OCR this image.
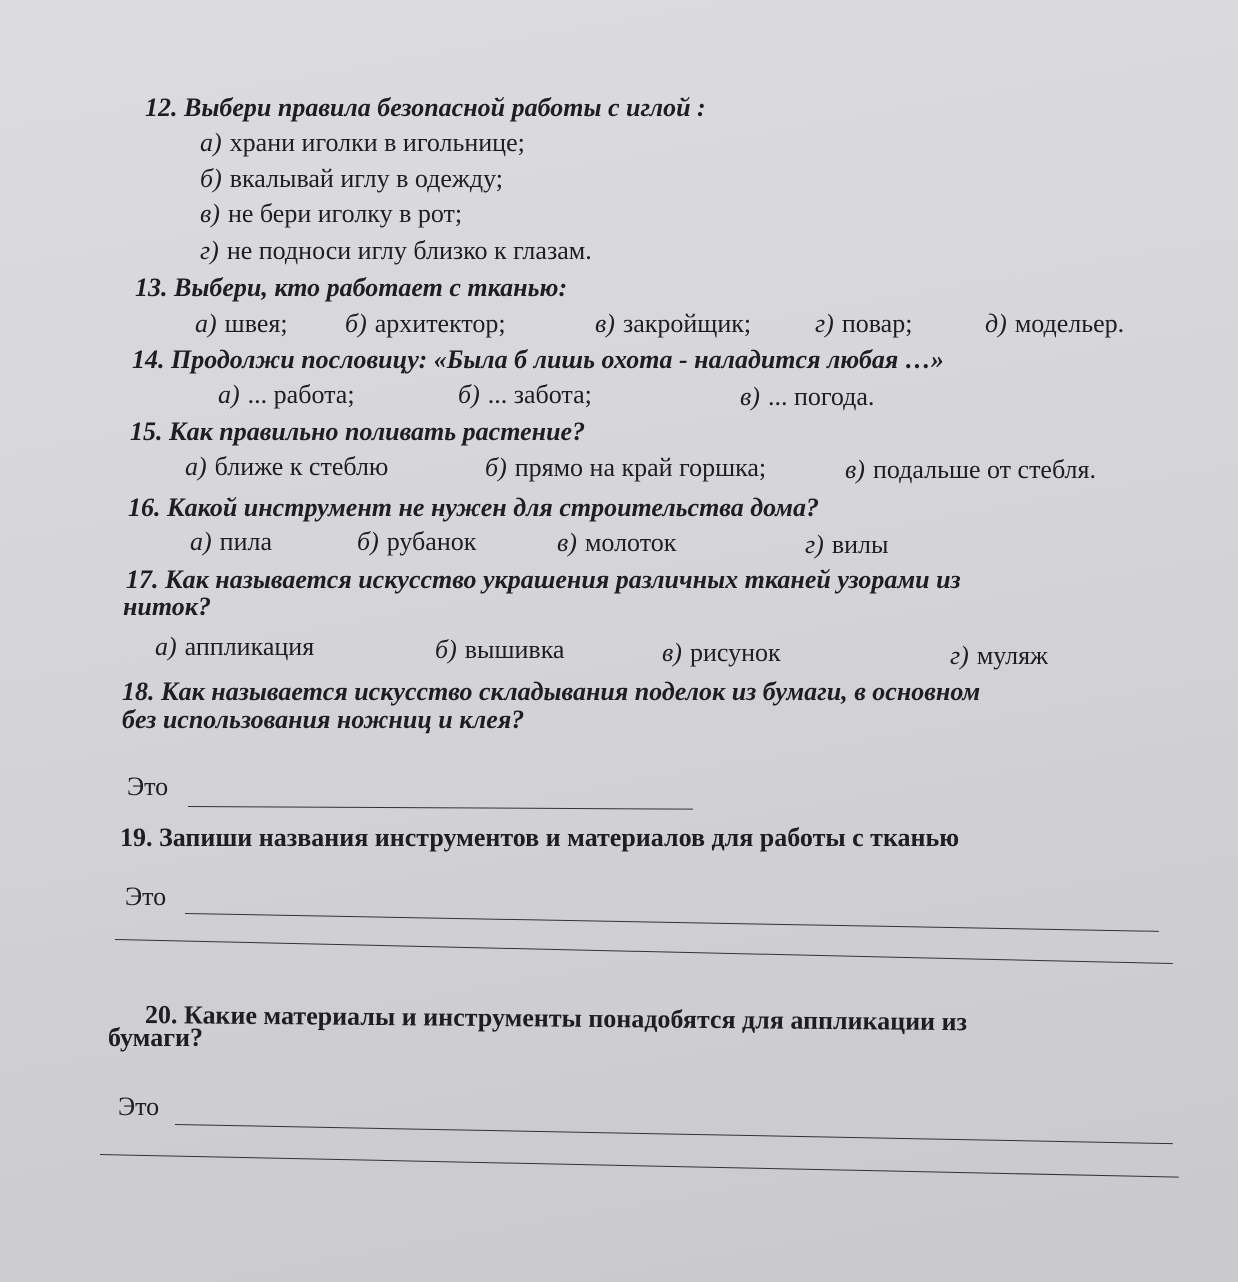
12. Выбери правила безопасной работы с иглой :
а) храни иголки в игольнице;
б) вкалывай иглу в одежду;
в) не бери иголку в рот;
г) не подноси иглу близко к глазам.
13. Выбери, кто работает с тканью:
а) швея; б) архитектор;	в) закройщик; г) повар;	д) модельер.
14. Продолжи пословицу: «Была б лишь охота - наладится любая …»
а) ... работа;	б) ... забота;	в) ... погода.
15. Как правильно поливать растение?
а) ближе к стеблю	б) прямо на край горшка;	в) подальше от стебля.
16. Какой инструмент не нужен для строительства дома?
а) пила	б) рубанок	в) молоток	г) вилы
17. Как называется искусство украшения различных тканей узорами из
ниток?
а) аппликация	б) вышивка	в) рисунок	г) муляж
18. Как называется искусство складывания поделок из бумаги, в основном
без использования ножниц и клея?
Это
19. Запиши названия инструментов и материалов для работы с тканью
Это
20. Какие материалы и инструменты понадобятся для аппликации из
бумаги?
Это
